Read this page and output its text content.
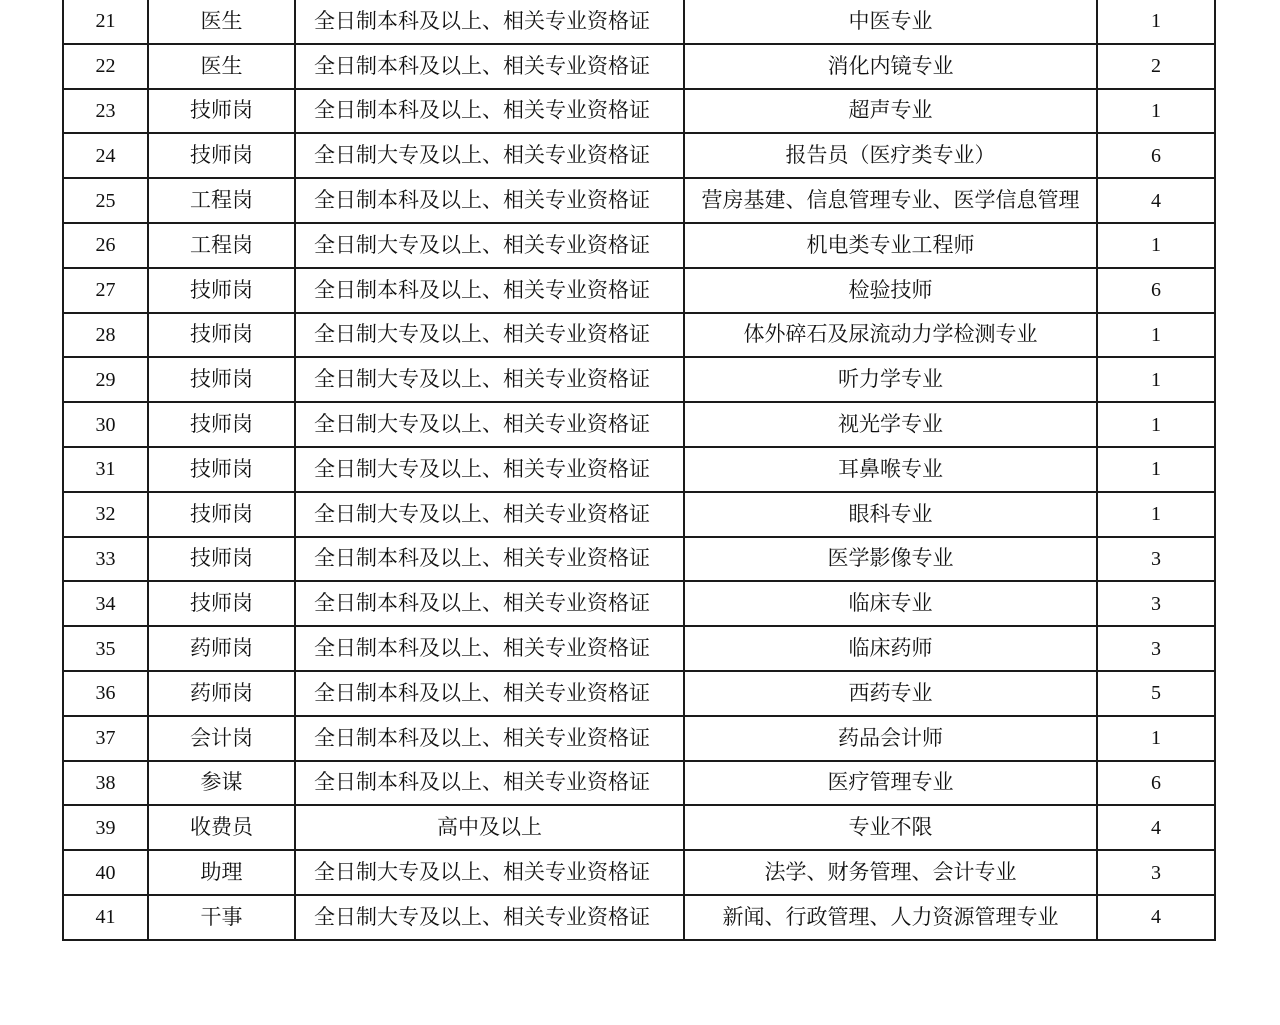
21	医生	全日制本科及以上、相关专业资格证	中医专业	1
22	医生	全日制本科及以上、相关专业资格证	消化内镜专业	2
23	技师岗	全日制本科及以上、相关专业资格证	超声专业	1
24	技师岗	全日制大专及以上、相关专业资格证	报告员（医疗类专业）	6
25	工程岗	全日制本科及以上、相关专业资格证	营房基建、信息管理专业、医学信息管理	4
26	工程岗	全日制大专及以上、相关专业资格证	机电类专业工程师	1
27	技师岗	全日制本科及以上、相关专业资格证	检验技师	6
28	技师岗	全日制大专及以上、相关专业资格证	体外碎石及尿流动力学检测专业	1
29	技师岗	全日制大专及以上、相关专业资格证	听力学专业	1
30	技师岗	全日制大专及以上、相关专业资格证	视光学专业	1
31	技师岗	全日制大专及以上、相关专业资格证	耳鼻喉专业	1
32	技师岗	全日制大专及以上、相关专业资格证	眼科专业	1
33	技师岗	全日制本科及以上、相关专业资格证	医学影像专业	3
34	技师岗	全日制本科及以上、相关专业资格证	临床专业	3
35	药师岗	全日制本科及以上、相关专业资格证	临床药师	3
36	药师岗	全日制本科及以上、相关专业资格证	西药专业	5
37	会计岗	全日制本科及以上、相关专业资格证	药品会计师	1
38	参谋	全日制本科及以上、相关专业资格证	医疗管理专业	6
39	收费员	高中及以上	专业不限	4
40	助理	全日制大专及以上、相关专业资格证	法学、财务管理、会计专业	3
41	干事	全日制大专及以上、相关专业资格证	新闻、行政管理、人力资源管理专业	4
